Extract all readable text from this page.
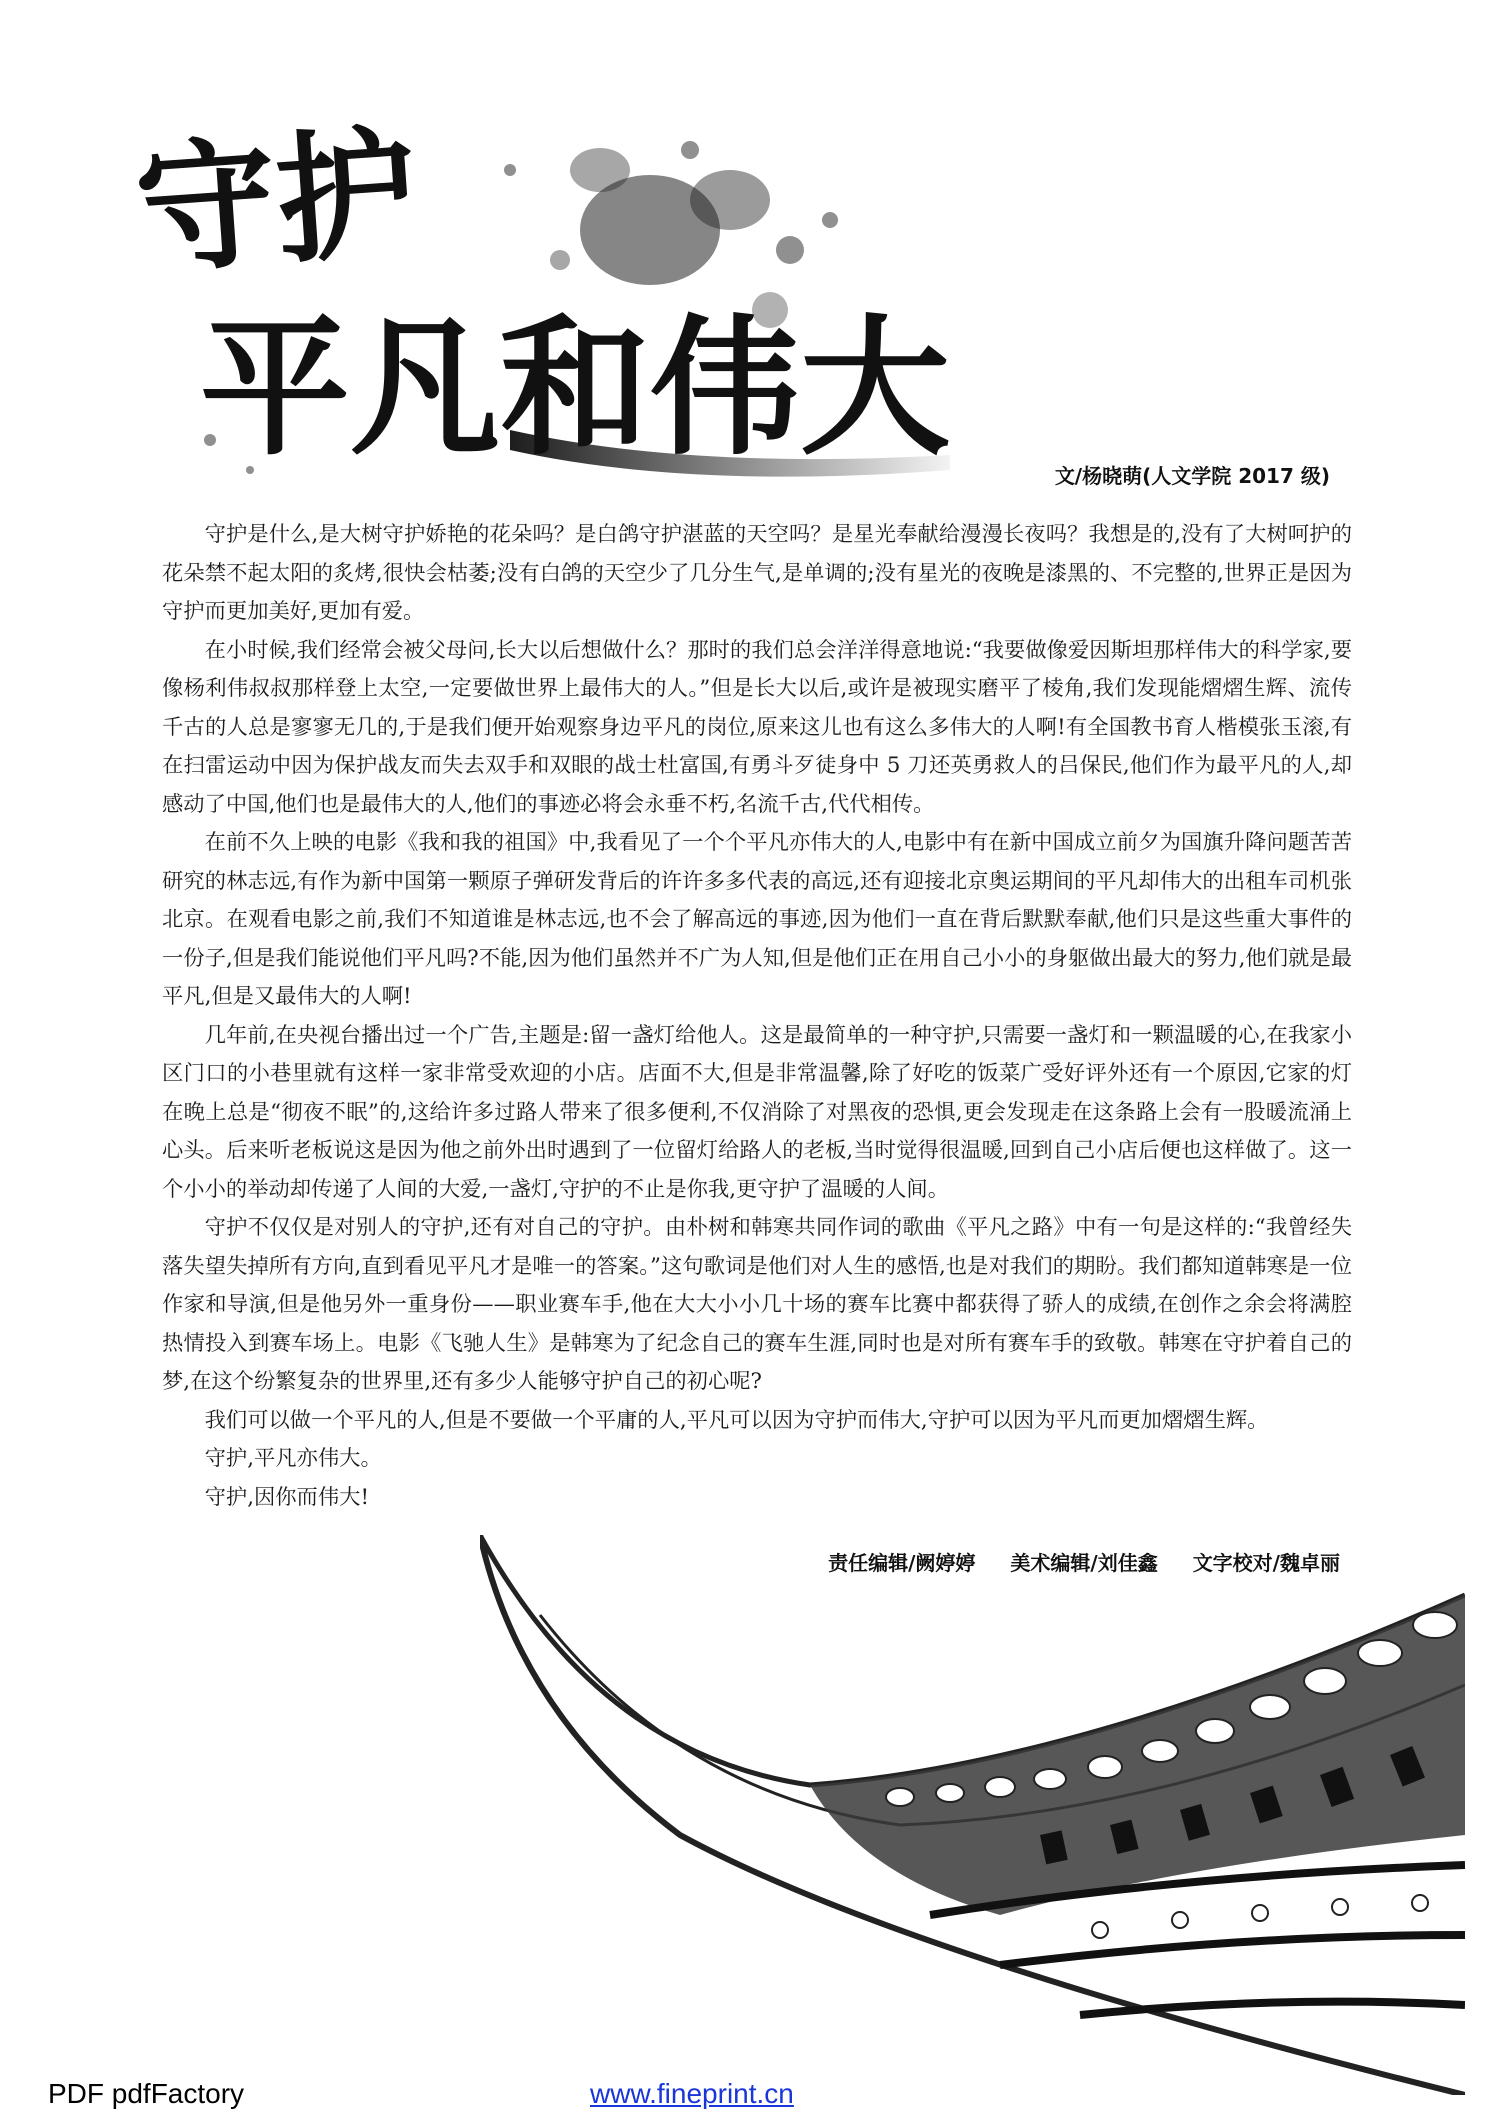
守护
平凡和伟大	文/杨晓萌(人文学院 2017 级)

守护是什么,是大树守护娇艳的花朵吗？是白鸽守护湛蓝的天空吗？是星光奉献给漫漫长夜吗？我想是的,没有了大树呵护的花朵禁不起太阳的炙烤,很快会枯萎;没有白鸽的天空少了几分生气,是单调的;没有星光的夜晚是漆黑的、不完整的,世界正是因为守护而更加美好,更加有爱。

在小时候,我们经常会被父母问,长大以后想做什么？那时的我们总会洋洋得意地说:“我要做像爱因斯坦那样伟大的科学家,要像杨利伟叔叔那样登上太空,一定要做世界上最伟大的人。”但是长大以后,或许是被现实磨平了棱角,我们发现能熠熠生辉、流传千古的人总是寥寥无几的,于是我们便开始观察身边平凡的岗位,原来这儿也有这么多伟大的人啊!有全国教书育人楷模张玉滚,有在扫雷运动中因为保护战友而失去双手和双眼的战士杜富国,有勇斗歹徒身中 5 刀还英勇救人的吕保民,他们作为最平凡的人,却感动了中国,他们也是最伟大的人,他们的事迹必将会永垂不朽,名流千古,代代相传。

在前不久上映的电影《我和我的祖国》中,我看见了一个个平凡亦伟大的人,电影中有在新中国成立前夕为国旗升降问题苦苦研究的林志远,有作为新中国第一颗原子弹研发背后的许许多多代表的高远,还有迎接北京奥运期间的平凡却伟大的出租车司机张北京。在观看电影之前,我们不知道谁是林志远,也不会了解高远的事迹,因为他们一直在背后默默奉献,他们只是这些重大事件的一份子,但是我们能说他们平凡吗?不能,因为他们虽然并不广为人知,但是他们正在用自己小小的身躯做出最大的努力,他们就是最平凡,但是又最伟大的人啊!

几年前,在央视台播出过一个广告,主题是:留一盏灯给他人。这是最简单的一种守护,只需要一盏灯和一颗温暖的心,在我家小区门口的小巷里就有这样一家非常受欢迎的小店。店面不大,但是非常温馨,除了好吃的饭菜广受好评外还有一个原因,它家的灯在晚上总是“彻夜不眠”的,这给许多过路人带来了很多便利,不仅消除了对黑夜的恐惧,更会发现走在这条路上会有一股暖流涌上心头。后来听老板说这是因为他之前外出时遇到了一位留灯给路人的老板,当时觉得很温暖,回到自己小店后便也这样做了。这一个小小的举动却传递了人间的大爱,一盏灯,守护的不止是你我,更守护了温暖的人间。

守护不仅仅是对别人的守护,还有对自己的守护。由朴树和韩寒共同作词的歌曲《平凡之路》中有一句是这样的:“我曾经失落失望失掉所有方向,直到看见平凡才是唯一的答案。”这句歌词是他们对人生的感悟,也是对我们的期盼。我们都知道韩寒是一位作家和导演,但是他另外一重身份——职业赛车手,他在大大小小几十场的赛车比赛中都获得了骄人的成绩,在创作之余会将满腔热情投入到赛车场上。电影《飞驰人生》是韩寒为了纪念自己的赛车生涯,同时也是对所有赛车手的致敬。韩寒在守护着自己的梦,在这个纷繁复杂的世界里,还有多少人能够守护自己的初心呢?

我们可以做一个平凡的人,但是不要做一个平庸的人,平凡可以因为守护而伟大,守护可以因为平凡而更加熠熠生辉。

守护,平凡亦伟大。

守护,因你而伟大!

责任编辑/阙婷婷 美术编辑/刘佳鑫 文字校对/魏卓丽
PDF pdfFactory	www.fineprint.cn
